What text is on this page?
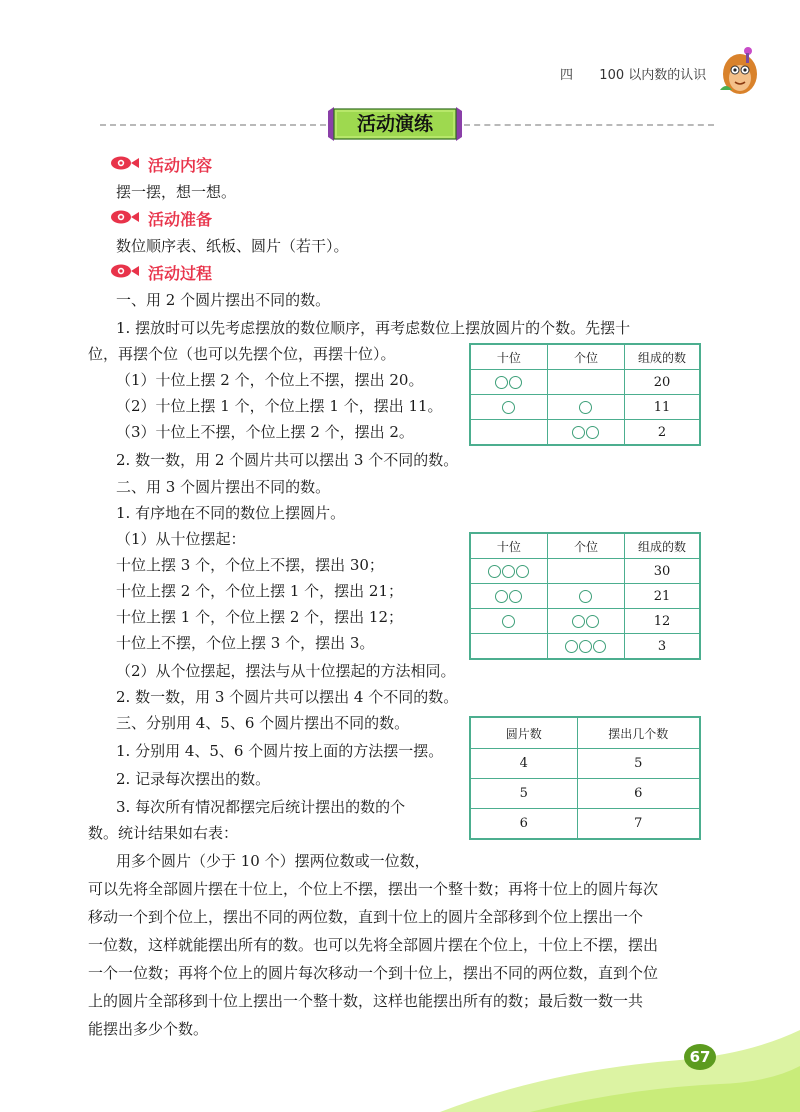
四 100 以内数的认识
活动演练
活动内容
摆一摆，想一想。
活动准备
数位顺序表、纸板、圆片（若干）。
活动过程
一、用 2 个圆片摆出不同的数。
1. 摆放时可以先考虑摆放的数位顺序，再考虑数位上摆放圆片的个数。先摆十
位，再摆个位（也可以先摆个位，再摆十位）。
（1）十位上摆 2 个，个位上不摆，摆出 20。
（2）十位上摆 1 个，个位上摆 1 个，摆出 11。
（3）十位上不摆，个位上摆 2 个，摆出 2。
2. 数一数，用 2 个圆片共可以摆出 3 个不同的数。
二、用 3 个圆片摆出不同的数。
1. 有序地在不同的数位上摆圆片。
（1）从十位摆起：
十位上摆 3 个，个位上不摆，摆出 30；
十位上摆 2 个，个位上摆 1 个，摆出 21；
十位上摆 1 个，个位上摆 2 个，摆出 12；
十位上不摆，个位上摆 3 个，摆出 3。
（2）从个位摆起，摆法与从十位摆起的方法相同。
2. 数一数，用 3 个圆片共可以摆出 4 个不同的数。
三、分别用 4、5、6 个圆片摆出不同的数。
1. 分别用 4、5、6 个圆片按上面的方法摆一摆。
2. 记录每次摆出的数。
3. 每次所有情况都摆完后统计摆出的数的个
数。统计结果如右表：
用多个圆片（少于 10 个）摆两位数或一位数，
可以先将全部圆片摆在十位上，个位上不摆，摆出一个整十数；再将十位上的圆片每次
移动一个到个位上，摆出不同的两位数，直到十位上的圆片全部移到个位上摆出一个
一位数，这样就能摆出所有的数。也可以先将全部圆片摆在个位上，十位上不摆，摆出
一个一位数；再将个位上的圆片每次移动一个到十位上，摆出不同的两位数，直到个位
上的圆片全部移到十位上摆出一个整十数，这样也能摆出所有的数；最后数一数一共
能摆出多少个数。
十位	个位	组成的数
		20
		11
		2
十位	个位	组成的数
		30
		21
		12
		3
圆片数	摆出几个数
4	5
5	6
6	7
67
